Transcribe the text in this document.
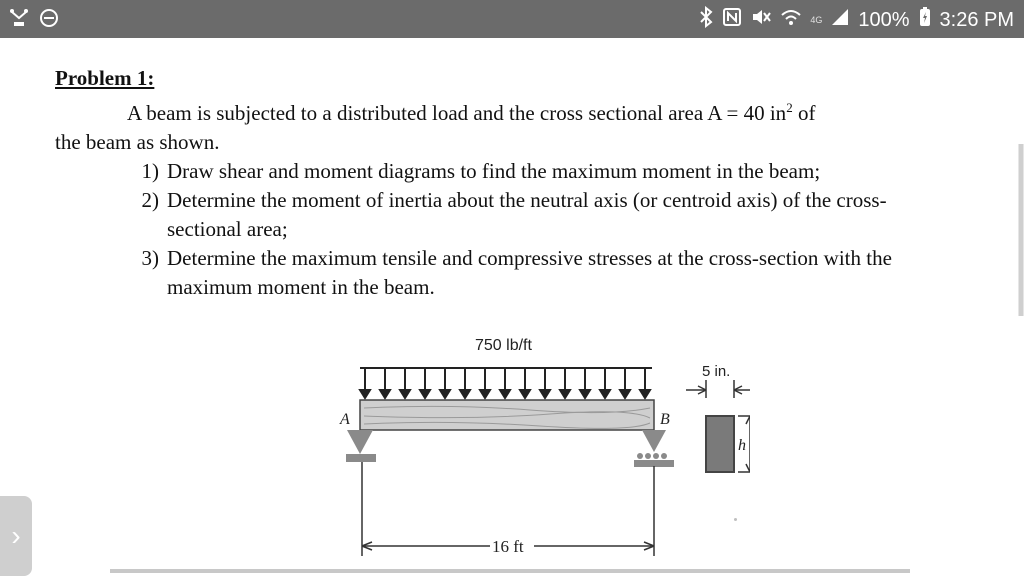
4G 100% 3:26 PM
Problem 1:
A beam is subjected to a distributed load and the cross sectional area A = 40 $in^2$ of
the beam as shown.
1) Draw shear and moment diagrams to find the maximum moment in the beam;
2) Determine the moment of inertia about the neutral axis (or centroid axis) of the cross-sectional area;
3) Determine the maximum tensile and compressive stresses at the cross-section with the maximum moment in the beam.
750 lb/ft
A	B
16 ft
5 in.
h
›
